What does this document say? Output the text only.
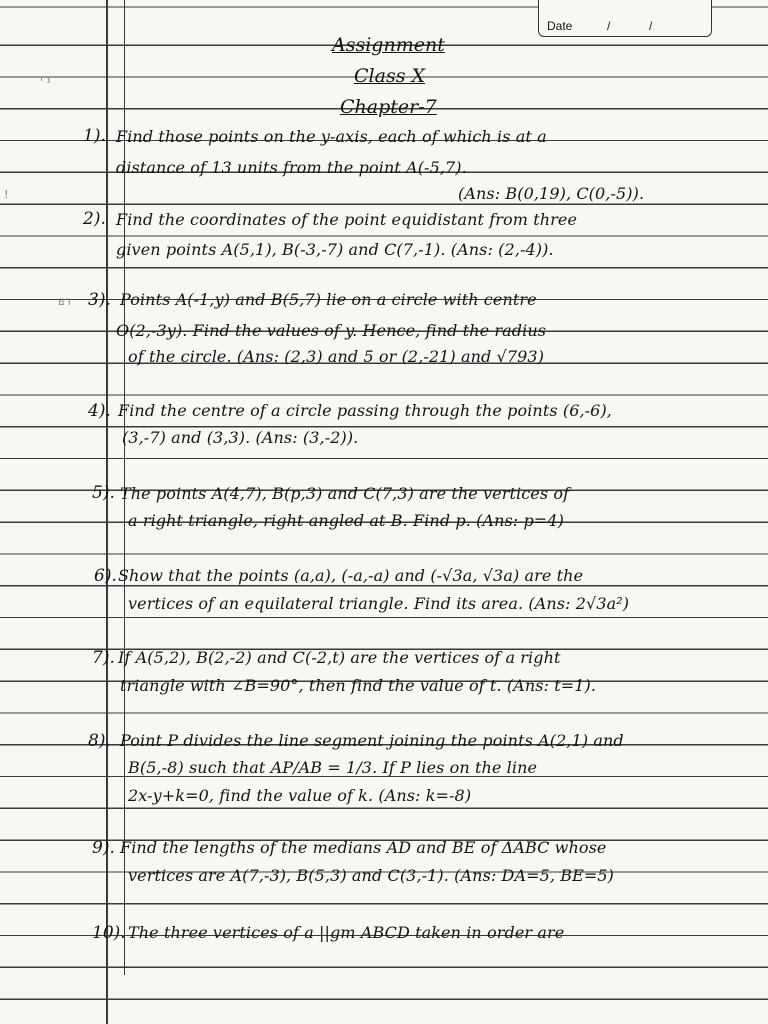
Date	/	/
' ¹
!
ยา
Assignment
Class X
Chapter-7
1). Find those points on the y-axis, each of which is at a
distance of 13 units from the point A(-5,7).
(Ans: B(0,19), C(0,-5)).
2). Find the coordinates of the point equidistant from three
given points A(5,1), B(-3,-7) and C(7,-1). (Ans: (2,-4)).
3). Points A(-1,y) and B(5,7) lie on a circle with centre
O(2,-3y). Find the values of y. Hence, find the radius
of the circle. (Ans: (2,3) and 5 or (2,-21) and √793)
4). Find the centre of a circle passing through the points (6,-6),
(3,-7) and (3,3). (Ans: (3,-2)).
5). The points A(4,7), B(p,3) and C(7,3) are the vertices of
a right triangle, right angled at B. Find p. (Ans: p=4)
6). Show that the points (a,a), (-a,-a) and (-√3a, √3a) are the
vertices of an equilateral triangle. Find its area. (Ans: 2√3a²)
7). If A(5,2), B(2,-2) and C(-2,t) are the vertices of a right
triangle with ∠B=90°, then find the value of t. (Ans: t=1).
8). Point P divides the line segment joining the points A(2,1) and
B(5,-8) such that AP/AB = 1/3. If P lies on the line
2x-y+k=0, find the value of k. (Ans: k=-8)
9). Find the lengths of the medians AD and BE of ΔABC whose
vertices are A(7,-3), B(5,3) and C(3,-1). (Ans: DA=5, BE=5)
10). The three vertices of a ||gm ABCD taken in order are
